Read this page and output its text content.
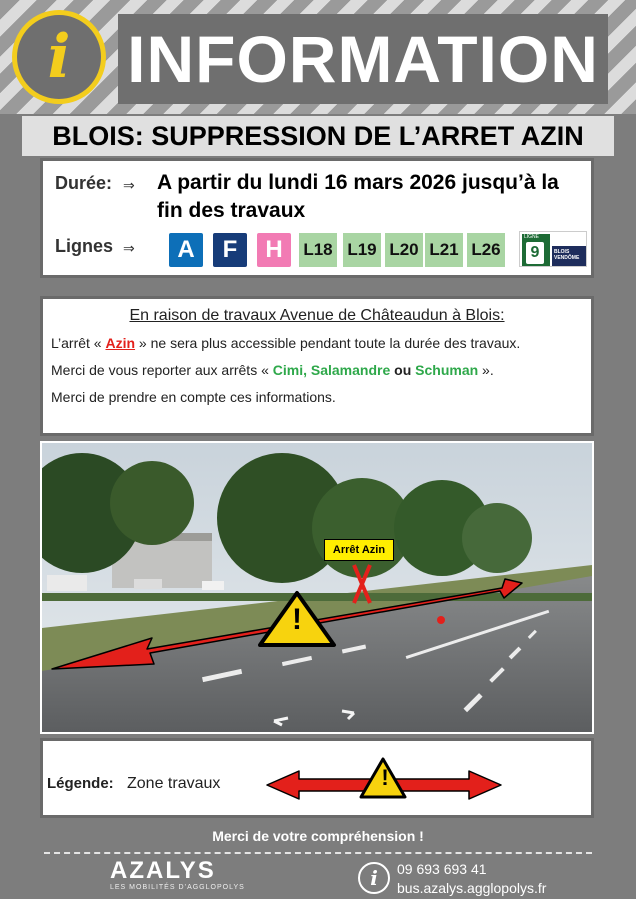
i INFORMATION
BLOIS: SUPPRESSION DE L’ARRET AZIN
Durée: ⇒ A partir du lundi 16 mars 2026 jusqu’à la fin des travaux
Lignes ⇒	A	F	H	L18 L19 L20 L21 L26
LIGNE
9	BLOIS
VENDÔME
En raison de travaux Avenue de Châteaudun à Blois:
L’arrêt « Azin » ne sera plus accessible pendant toute la durée des travaux.
Merci de vous reporter aux arrêts « Cimi, Salamandre ou Schuman ».
Merci de prendre en compte ces informations.
!
Arrêt Azin
Légende: Zone travaux	!
Merci de votre compréhension !
AZALYS
LES MOBILITÉS D’AGGLOPOLYS	i	09 693 693 41
bus.azalys.agglopolys.fr
